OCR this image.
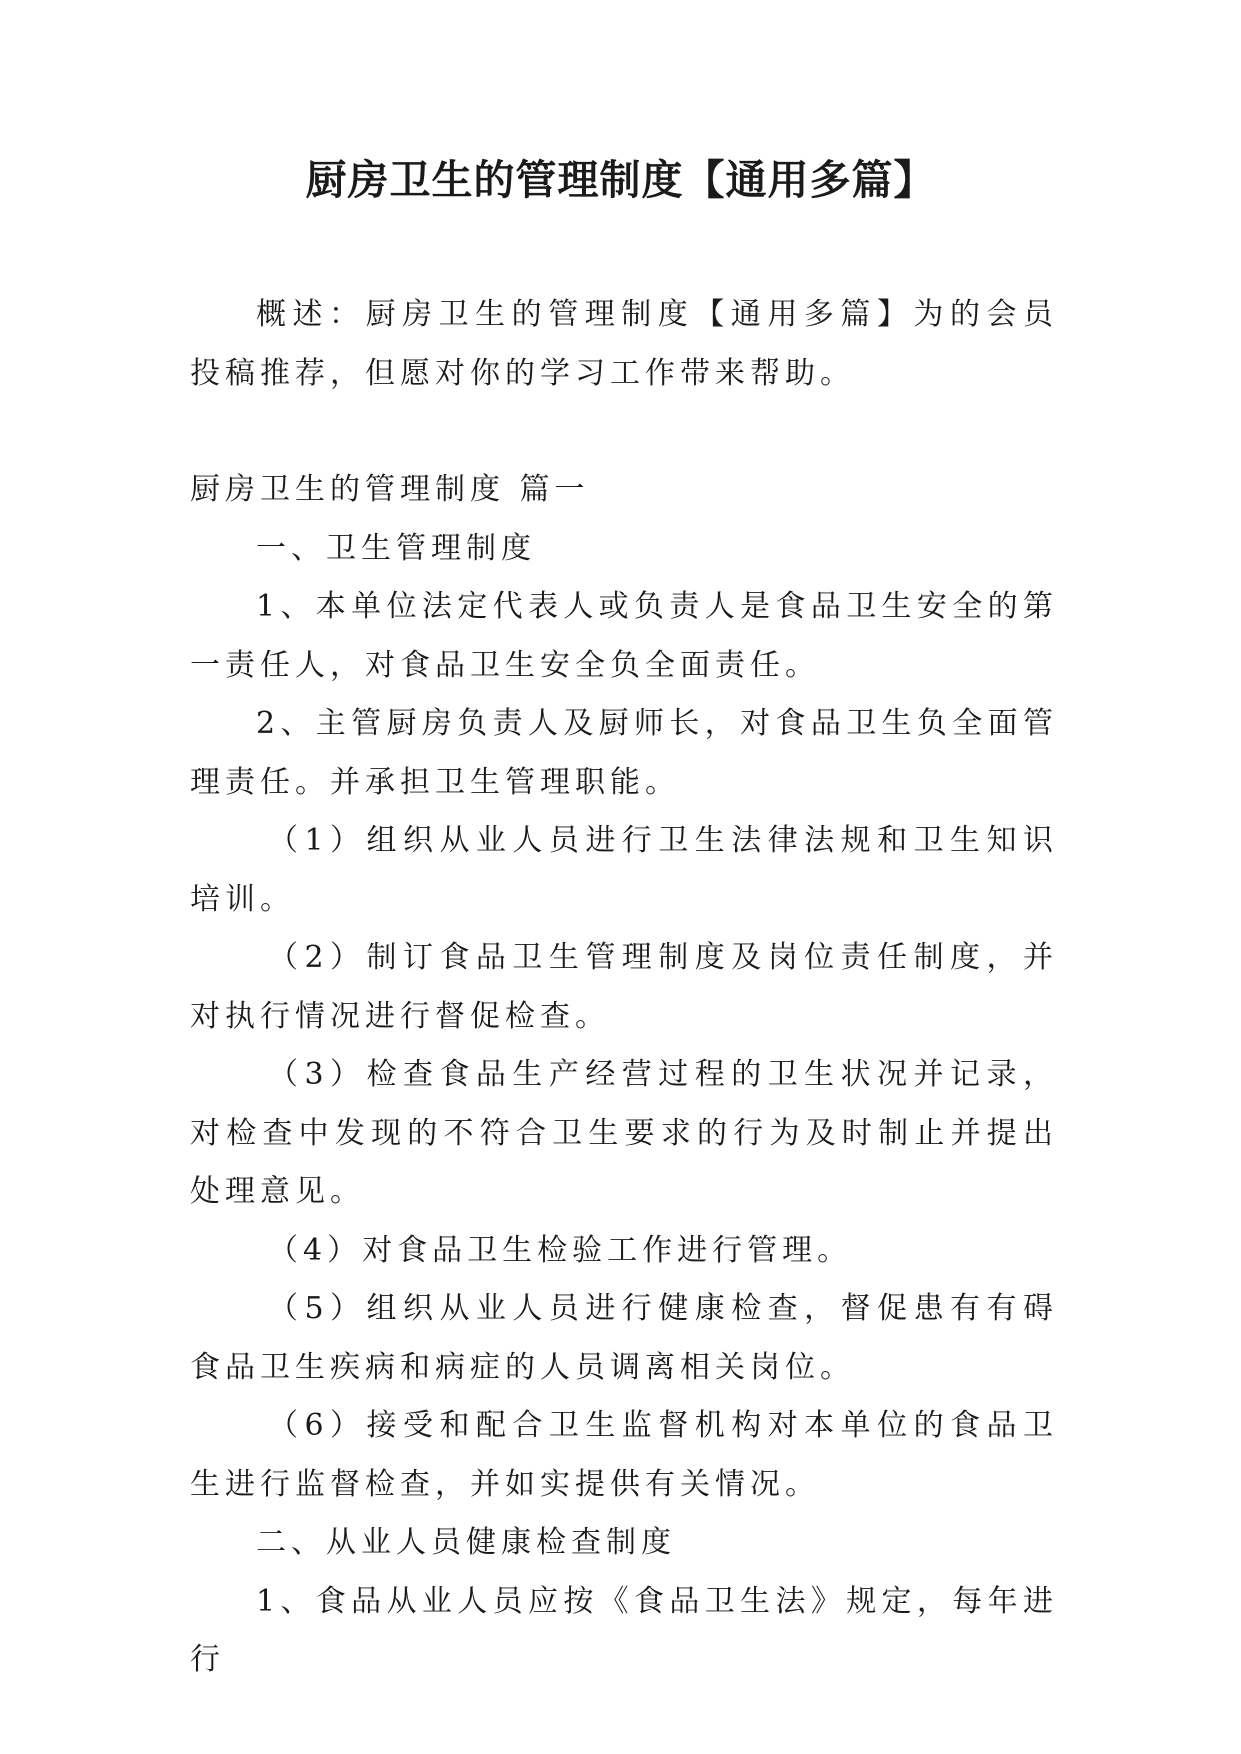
厨房卫生的管理制度【通用多篇】

概述：厨房卫生的管理制度【通用多篇】为的会员投稿推荐，但愿对你的学习工作带来帮助。

厨房卫生的管理制度 篇一

一、卫生管理制度

1、本单位法定代表人或负责人是食品卫生安全的第一责任人，对食品卫生安全负全面责任。

2、主管厨房负责人及厨师长，对食品卫生负全面管理责任。并承担卫生管理职能。

（1）组织从业人员进行卫生法律法规和卫生知识培训。

（2）制订食品卫生管理制度及岗位责任制度，并对执行情况进行督促检查。

（3）检查食品生产经营过程的卫生状况并记录，对检查中发现的不符合卫生要求的行为及时制止并提出处理意见。

（4）对食品卫生检验工作进行管理。

（5）组织从业人员进行健康检查，督促患有有碍食品卫生疾病和病症的人员调离相关岗位。

（6）接受和配合卫生监督机构对本单位的食品卫生进行监督检查，并如实提供有关情况。

二、从业人员健康检查制度

1、食品从业人员应按《食品卫生法》规定，每年进行
